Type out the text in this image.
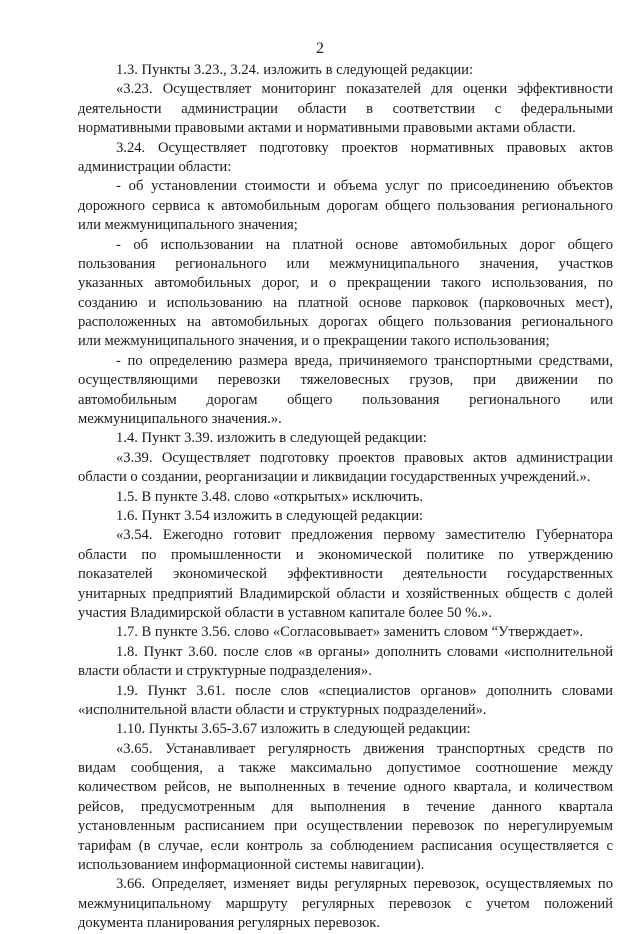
2
1.3. Пункты 3.23., 3.24. изложить в следующей редакции:
«3.23. Осуществляет мониторинг показателей для оценки эффективности
деятельности администрации области в соответствии с федеральными
нормативными правовыми актами и нормативными правовыми актами области.
3.24. Осуществляет подготовку проектов нормативных правовых актов
администрации области:
- об установлении стоимости и объема услуг по присоединению объектов
дорожного сервиса к автомобильным дорогам общего пользования регионального
или межмуниципального значения;
- об использовании на платной основе автомобильных дорог общего
пользования регионального или межмуниципального значения, участков
указанных автомобильных дорог, и о прекращении такого использования, по
созданию и использованию на платной основе парковок (парковочных мест),
расположенных на автомобильных дорогах общего пользования регионального
или межмуниципального значения, и о прекращении такого использования;
- по определению размера вреда, причиняемого транспортными средствами,
осуществляющими перевозки тяжеловесных грузов, при движении по
автомобильным дорогам общего пользования регионального или
межмуниципального значения.».
1.4. Пункт 3.39. изложить в следующей редакции:
«3.39. Осуществляет подготовку проектов правовых актов администрации
области о создании, реорганизации и ликвидации государственных учреждений.».
1.5. В пункте 3.48. слово «открытых» исключить.
1.6. Пункт 3.54 изложить в следующей редакции:
«3.54. Ежегодно готовит предложения первому заместителю Губернатора
области по промышленности и экономической политике по утверждению
показателей экономической эффективности деятельности государственных
унитарных предприятий Владимирской области и хозяйственных обществ с долей
участия Владимирской области в уставном капитале более 50 %.».
1.7. В пункте 3.56. слово «Согласовывает» заменить словом “Утверждает».
1.8. Пункт 3.60. после слов «в органы» дополнить словами «исполнительной
власти области и структурные подразделения».
1.9. Пункт 3.61. после слов «специалистов органов» дополнить словами
«исполнительной власти области и структурных подразделений».
1.10. Пункты 3.65-3.67 изложить в следующей редакции:
«3.65. Устанавливает регулярность движения транспортных средств по
видам сообщения, а также максимально допустимое соотношение между
количеством рейсов, не выполненных в течение одного квартала, и количеством
рейсов, предусмотренным для выполнения в течение данного квартала
установленным расписанием при осуществлении перевозок по нерегулируемым
тарифам (в случае, если контроль за соблюдением расписания осуществляется с
использованием информационной системы навигации).
3.66. Определяет, изменяет виды регулярных перевозок, осуществляемых по
межмуниципальному маршруту регулярных перевозок с учетом положений
документа планирования регулярных перевозок.
